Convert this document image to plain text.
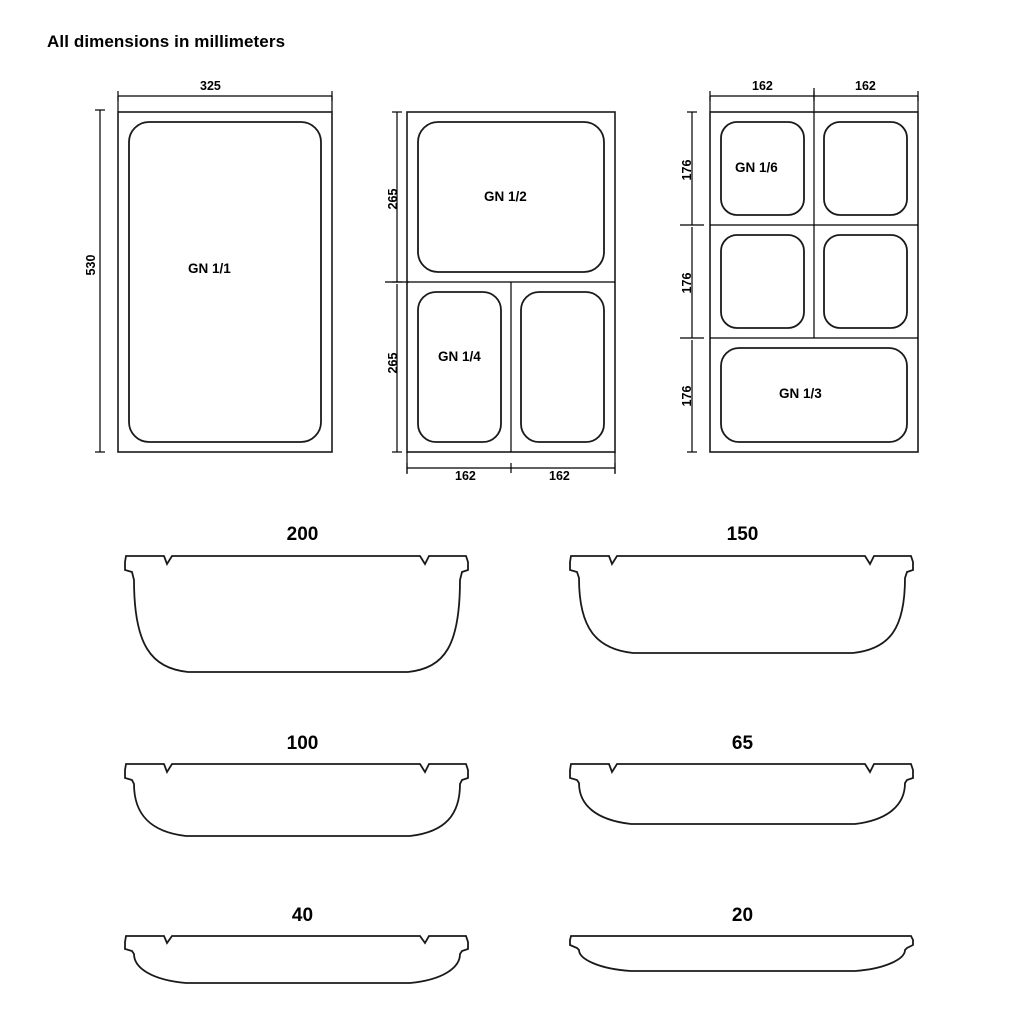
All dimensions in millimeters
325
530	GN 1/1
265
265
162	162
GN 1/2
GN 1/4
162	162
176
176
176
GN 1/6
GN 1/3
200	150
100	65
40	20
